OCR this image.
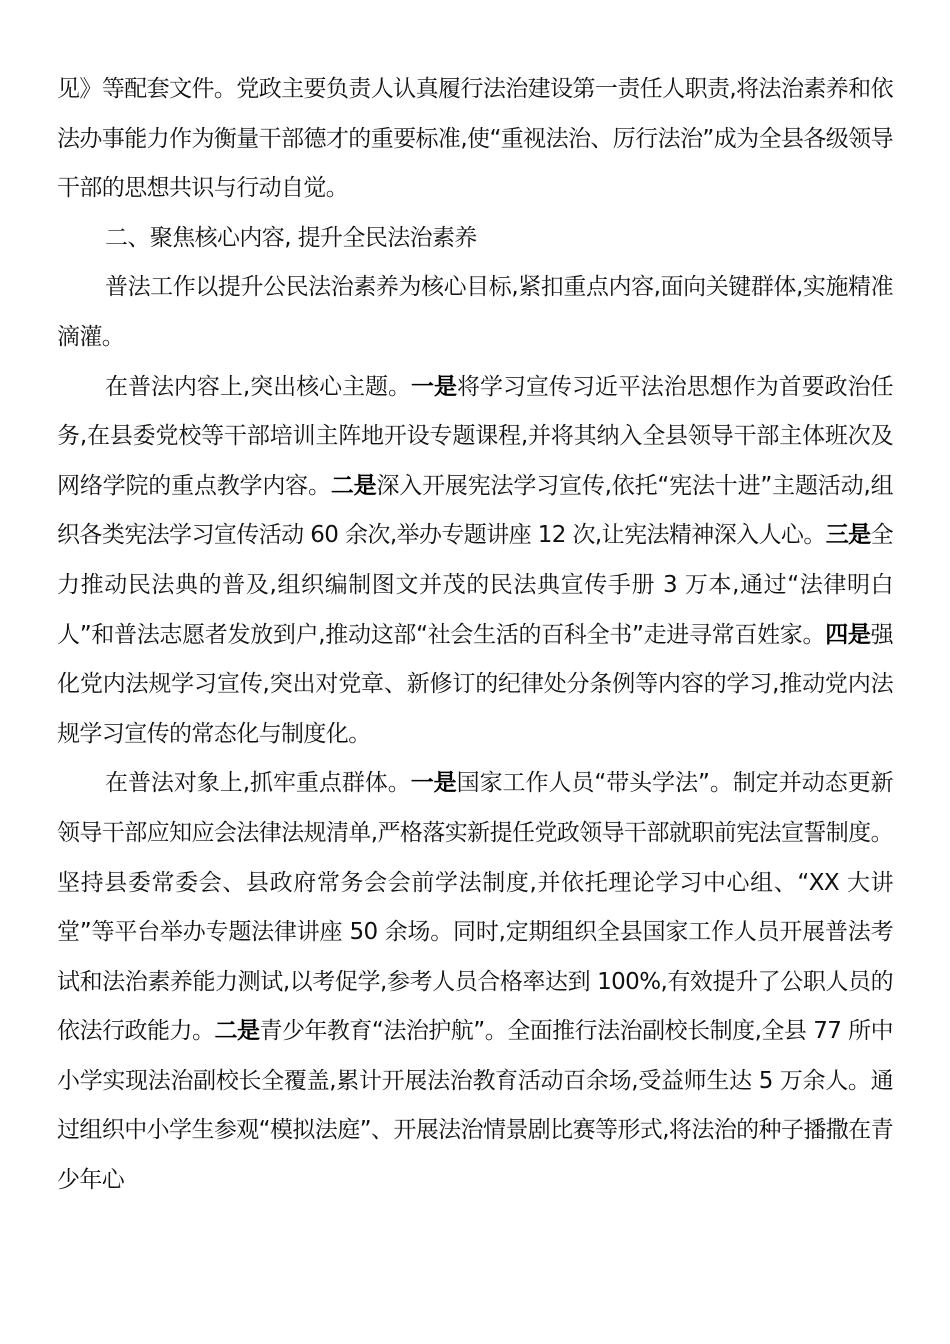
见》等配套文件。党政主要负责人认真履行法治建设第一责任人职责,将法治素养和依法办事能力作为衡量干部德才的重要标准,使“重视法治、厉行法治”成为全县各级领导干部的思想共识与行动自觉。

二、聚焦核心内容, 提升全民法治素养

普法工作以提升公民法治素养为核心目标,紧扣重点内容,面向关键群体,实施精准滴灌。

在普法内容上,突出核心主题。一是将学习宣传习近平法治思想作为首要政治任务,在县委党校等干部培训主阵地开设专题课程,并将其纳入全县领导干部主体班次及网络学院的重点教学内容。二是深入开展宪法学习宣传,依托“宪法十进”主题活动,组织各类宪法学习宣传活动 60 余次,举办专题讲座 12 次,让宪法精神深入人心。三是全力推动民法典的普及,组织编制图文并茂的民法典宣传手册 3 万本,通过“法律明白人”和普法志愿者发放到户,推动这部“社会生活的百科全书”走进寻常百姓家。四是强化党内法规学习宣传,突出对党章、新修订的纪律处分条例等内容的学习,推动党内法规学习宣传的常态化与制度化。

在普法对象上,抓牢重点群体。一是国家工作人员“带头学法”。制定并动态更新领导干部应知应会法律法规清单,严格落实新提任党政领导干部就职前宪法宣誓制度。坚持县委常委会、县政府常务会会前学法制度,并依托理论学习中心组、“XX 大讲堂”等平台举办专题法律讲座 50 余场。同时,定期组织全县国家工作人员开展普法考试和法治素养能力测试,以考促学,参考人员合格率达到 100%,有效提升了公职人员的依法行政能力。二是青少年教育“法治护航”。全面推行法治副校长制度,全县 77 所中小学实现法治副校长全覆盖,累计开展法治教育活动百余场,受益师生达 5 万余人。通过组织中小学生参观“模拟法庭”、开展法治情景剧比赛等形式,将法治的种子播撒在青少年心
